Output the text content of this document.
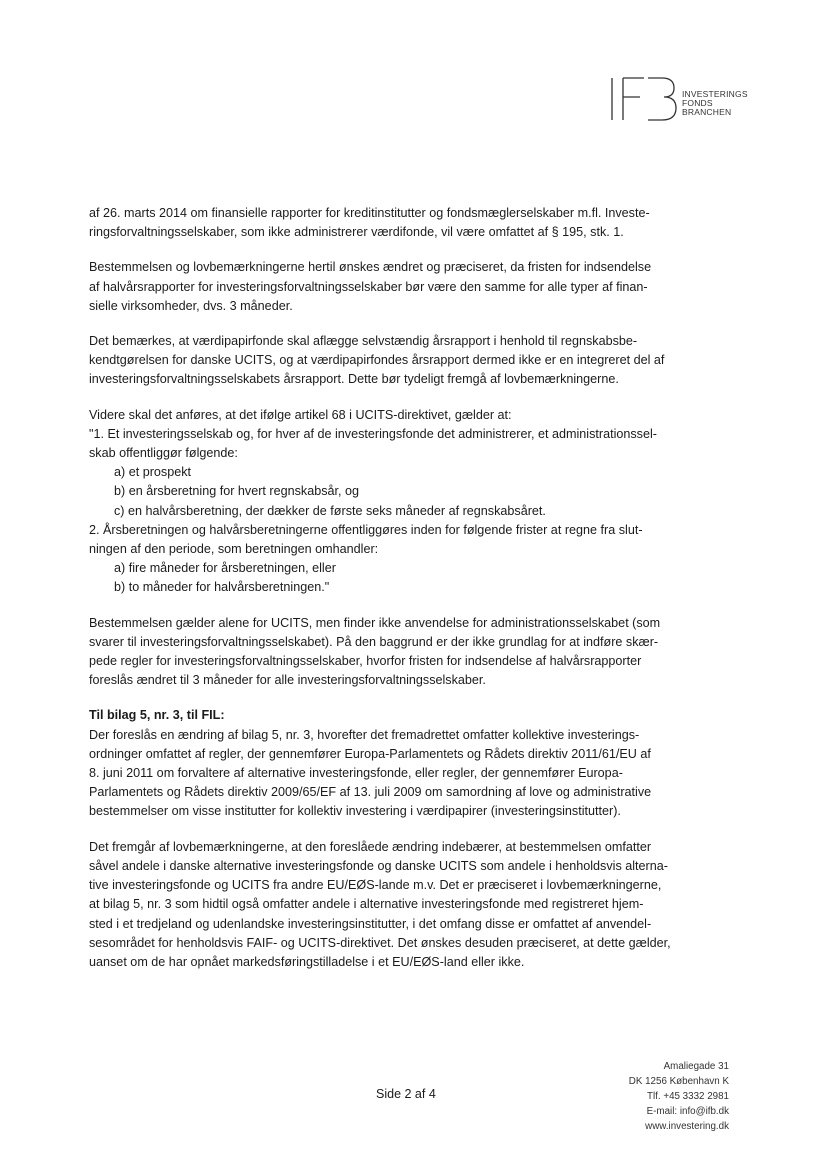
INVESTERINGS
FONDS
BRANCHEN

af 26. marts 2014 om finansielle rapporter for kreditinstitutter og fondsmæglerselskaber m.fl. Investe-
ringsforvaltningsselskaber, som ikke administrerer værdifonde, vil være omfattet af § 195, stk. 1.

Bestemmelsen og lovbemærkningerne hertil ønskes ændret og præciseret, da fristen for indsendelse
af halvårsrapporter for investeringsforvaltningsselskaber bør være den samme for alle typer af finan-
sielle virksomheder, dvs. 3 måneder.

Det bemærkes, at værdipapirfonde skal aflægge selvstændig årsrapport i henhold til regnskabsbe-
kendtgørelsen for danske UCITS, og at værdipapirfondes årsrapport dermed ikke er en integreret del af
investeringsforvaltningsselskabets årsrapport. Dette bør tydeligt fremgå af lovbemærkningerne.

Videre skal det anføres, at det ifølge artikel 68 i UCITS-direktivet, gælder at:
"1. Et investeringsselskab og, for hver af de investeringsfonde det administrerer, et administrationssel-
skab offentliggør følgende:
a) et prospekt
b) en årsberetning for hvert regnskabsår, og
c) en halvårsberetning, der dækker de første seks måneder af regnskabsåret.
2. Årsberetningen og halvårsberetningerne offentliggøres inden for følgende frister at regne fra slut-
ningen af den periode, som beretningen omhandler:
a) fire måneder for årsberetningen, eller
b) to måneder for halvårsberetningen."

Bestemmelsen gælder alene for UCITS, men finder ikke anvendelse for administrationsselskabet (som
svarer til investeringsforvaltningsselskabet). På den baggrund er der ikke grundlag for at indføre skær-
pede regler for investeringsforvaltningsselskaber, hvorfor fristen for indsendelse af halvårsrapporter
foreslås ændret til 3 måneder for alle investeringsforvaltningsselskaber.

Til bilag 5, nr. 3, til FIL:
Der foreslås en ændring af bilag 5, nr. 3, hvorefter det fremadrettet omfatter kollektive investerings-
ordninger omfattet af regler, der gennemfører Europa-Parlamentets og Rådets direktiv 2011/61/EU af
8. juni 2011 om forvaltere af alternative investeringsfonde, eller regler, der gennemfører Europa-
Parlamentets og Rådets direktiv 2009/65/EF af 13. juli 2009 om samordning af love og administrative
bestemmelser om visse institutter for kollektiv investering i værdipapirer (investeringsinstitutter).

Det fremgår af lovbemærkningerne, at den foreslåede ændring indebærer, at bestemmelsen omfatter
såvel andele i danske alternative investeringsfonde og danske UCITS som andele i henholdsvis alterna-
tive investeringsfonde og UCITS fra andre EU/EØS-lande m.v. Det er præciseret i lovbemærkningerne,
at bilag 5, nr. 3 som hidtil også omfatter andele i alternative investeringsfonde med registreret hjem-
sted i et tredjeland og udenlandske investeringsinstitutter, i det omfang disse er omfattet af anvendel-
sesområdet for henholdsvis FAIF- og UCITS-direktivet. Det ønskes desuden præciseret, at dette gælder,
uanset om de har opnået markedsføringstilladelse i et EU/EØS-land eller ikke.

Side 2 af 4
Amaliegade 31
DK 1256 København K
Tlf. +45 3332 2981
E-mail: info@ifb.dk
www.investering.dk
